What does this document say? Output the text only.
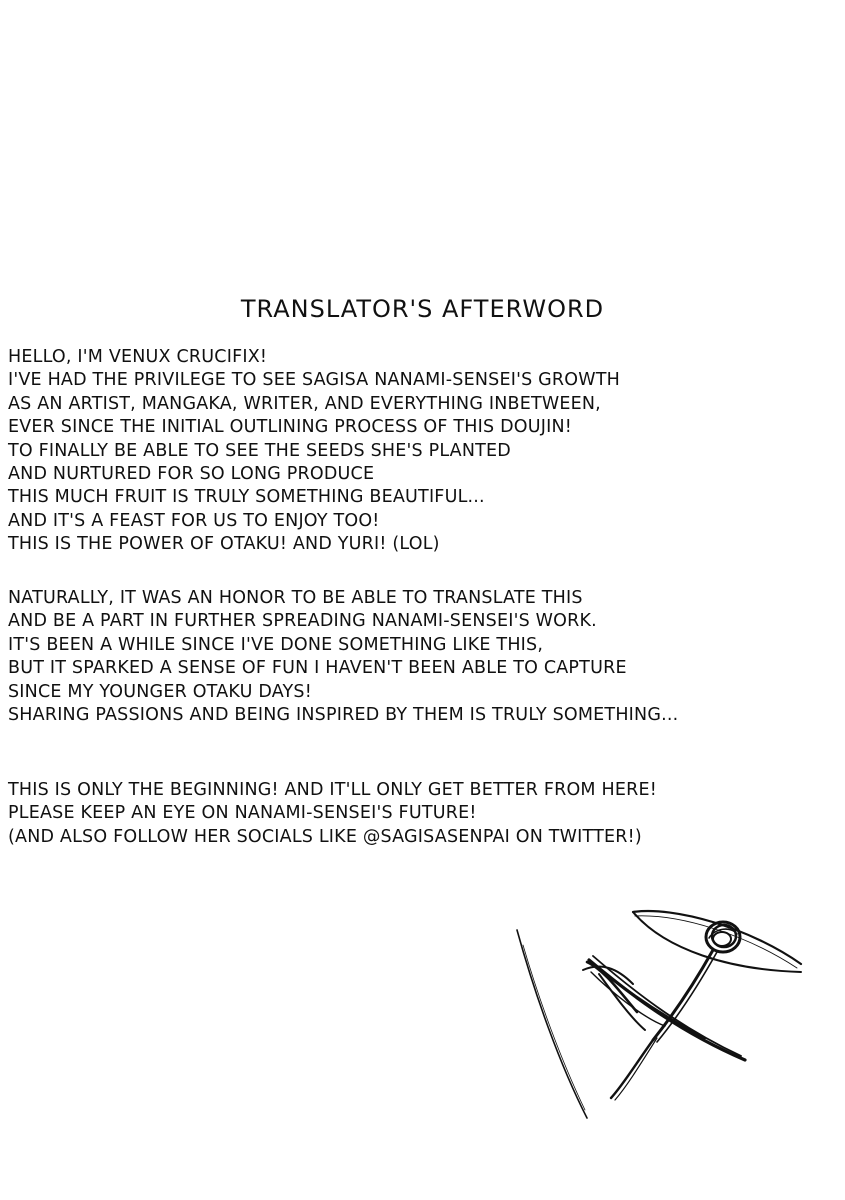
TRANSLATOR'S AFTERWORD
HELLO, I'M VENUX CRUCIFIX!
I'VE HAD THE PRIVILEGE TO SEE SAGISA NANAMI-SENSEI'S GROWTH
AS AN ARTIST, MANGAKA, WRITER, AND EVERYTHING INBETWEEN,
EVER SINCE THE INITIAL OUTLINING PROCESS OF THIS DOUJIN!
TO FINALLY BE ABLE TO SEE THE SEEDS SHE'S PLANTED
AND NURTURED FOR SO LONG PRODUCE
THIS MUCH FRUIT IS TRULY SOMETHING BEAUTIFUL...
AND IT'S A FEAST FOR US TO ENJOY TOO!
THIS IS THE POWER OF OTAKU! AND YURI! (LOL)
NATURALLY, IT WAS AN HONOR TO BE ABLE TO TRANSLATE THIS
AND BE A PART IN FURTHER SPREADING NANAMI-SENSEI'S WORK.
IT'S BEEN A WHILE SINCE I'VE DONE SOMETHING LIKE THIS,
BUT IT SPARKED A SENSE OF FUN I HAVEN'T BEEN ABLE TO CAPTURE
SINCE MY YOUNGER OTAKU DAYS!
SHARING PASSIONS AND BEING INSPIRED BY THEM IS TRULY SOMETHING...
THIS IS ONLY THE BEGINNING! AND IT'LL ONLY GET BETTER FROM HERE!
PLEASE KEEP AN EYE ON NANAMI-SENSEI'S FUTURE!
(AND ALSO FOLLOW HER SOCIALS LIKE @SAGISASENPAI ON TWITTER!)
